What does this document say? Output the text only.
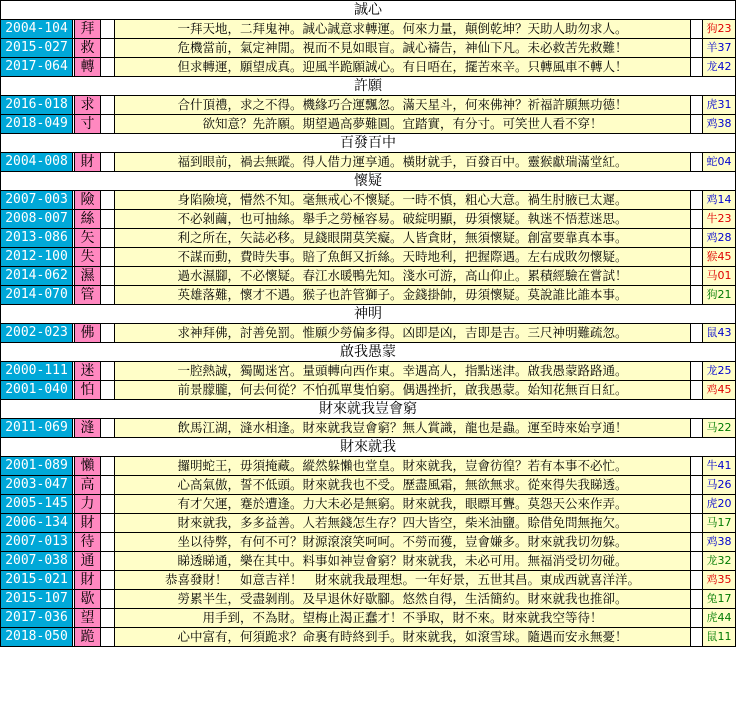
誠心
2004-104 拜	一拜天地，二拜鬼神。誠心誠意求轉運。何來力量，顛倒乾坤？天助人助勿求人。	狗23
2015-027 救	危機當前，氣定神閒。視而不見如眼盲。誠心禱告，神仙下凡。未必救苦先救難！	羊37
2017-064 轉	但求轉運，願望成真。迎風半跪願誠心。有日唔在，擺苦來辛。只轉風車不轉人！	龙42
許願
2016-018 求	合什頂禮，求之不得。機緣巧合運飄忽。滿天星斗，何來佛神？祈福許願無功德！	虎31
2018-049 寸	欲知意？先許願。期望過高夢難圓。宜踏實，有分寸。可笑世人看不穿！	鸡38
百發百中
2004-008 財	福到眼前，禍去無蹤。得人借力運享通。橫財就手，百發百中。靈猴獻瑞滿堂紅。	蛇04
懷疑
2007-003 險	身陷險境，懵然不知。毫無戒心不懷疑。一時不慎，粗心大意。禍生肘腋已太遲。	鸡14
2008-007 絲	不必剝繭，也可抽絲。舉手之勞極容易。破綻明顯，毋須懷疑。執迷不悟惹迷思。	牛23
2013-086 矢	利之所在，矢誌必移。見錢眼開莫笑癡。人皆貪財，無須懷疑。創富要靠真本事。	鸡28
2012-100 失	不謀而動，費時失事。賠了魚餌又折絲。天時地利，把握際遇。左右成敗勿懷疑。	猴45
2014-062 濕	過水濕腳，不必懷疑。春江水暖鴨先知。淺水可游，高山仰止。累積經驗在嘗試！	马01
2014-070 管	英雄落難，懷才不遇。猴子也許管獅子。金錢掛帥，毋須懷疑。莫說誰比誰本事。	狗21
神明
2002-023 佛	求神拜佛，討善免罰。惟願少勞偏多得。凶即是凶，吉即是吉。三尺神明難疏忽。	鼠43
啟我愚蒙
2000-111 迷	一腔熱誠，獨闖迷宮。量頭轉向西作東。幸遇高人，指點迷津。啟我愚蒙路路通。	龙25
2001-040 怕	前景朦朧，何去何從？不怕孤單隻怕窮。偶遇挫折，啟我愚蒙。始知花無百日紅。	鸡45
財來就我豈會窮
2011-069 漨	飲馬江湖，漨水相逢。財來就我豈會窮？無人賞識，龍也是蟲。運至時來始亨通！	马22
財來就我
2001-089 懶	攞明蛇王，毋須掩藏。縱然躲懶也堂皇。財來就我，豈會彷徨？若有本事不必忙。	牛41
2003-047 高	心高氣傲，誓不低頭。財來就我也不受。歷盡風霜，無欲無求。從來得失我睇透。	马26
2005-145 力	有才欠運，蹇於遭逢。力大未必是無窮。財來就我，眼瞟耳聾。莫怨天公來作弄。	虎20
2006-134 財	財來就我，多多益善。人若無錢怎生存？四大皆空，柴米油鹽。賒借免問無拖欠。	马17
2007-013 待	坐以待弊，有何不可？財源滾滾笑呵呵。不勞而獲，豈會嫌多。財來就我切勿躲。	鸡38
2007-038 通	睇透睇通，樂在其中。料事如神豈會窮？財來就我，未必可用。無福消受切勿碰。	龙32
2015-021 財	恭喜發財！　如意吉祥！　財來就我最理想。一年好景，五世其昌。東成西就喜洋洋。	鸡35
2015-107 歇	勞累半生，受盡剝削。及早退休好歇腳。悠然自得，生活簡約。財來就我也推卻。	兔17
2017-036 望	用手到，不為財。望梅止渴正蠢才！不爭取，財不來。財來就我空等待！	虎44
2018-050 跪	心中富有，何須跪求？命裏有時終到手。財來就我，如滾雪球。隨遇而安永無憂！	鼠11
